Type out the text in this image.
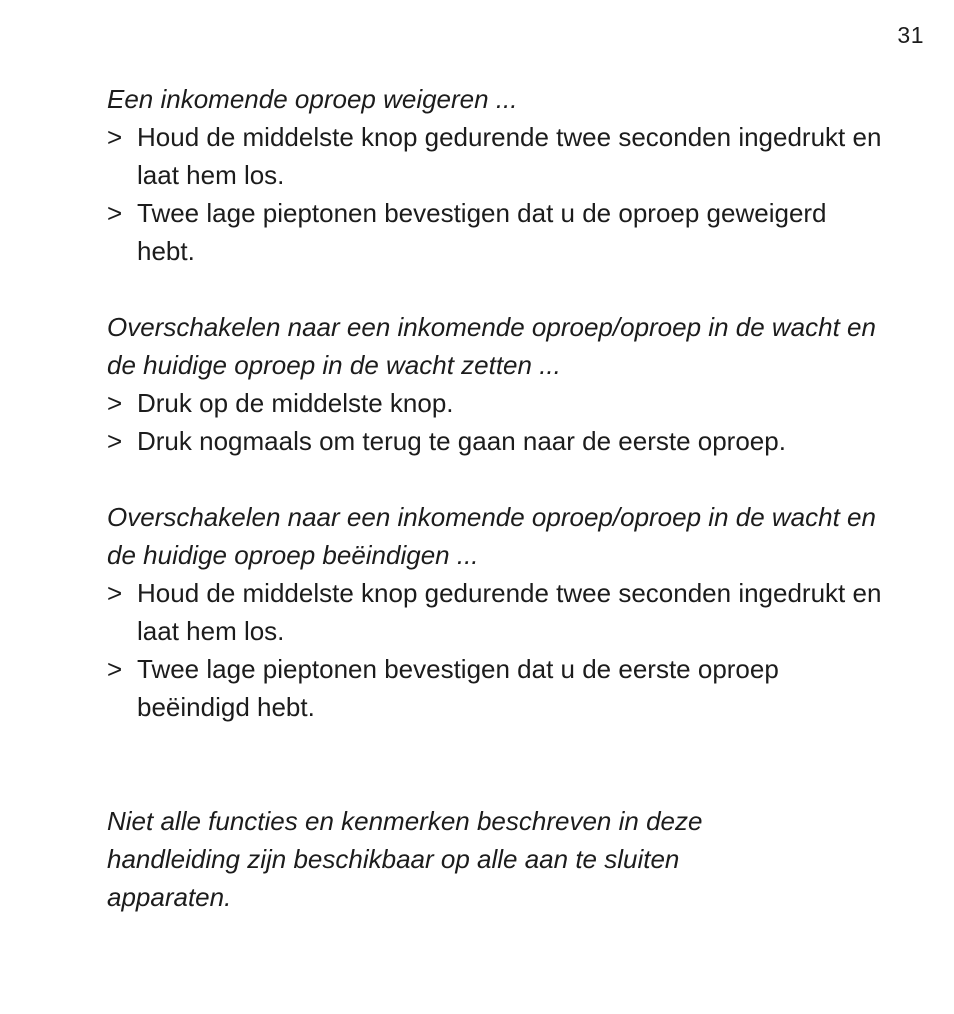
31

Een inkomende oproep weigeren ...

> Houd de middelste knop gedurende twee seconden ingedrukt en laat hem los.
> Twee lage pieptonen bevestigen dat u de oproep geweigerd hebt.

Overschakelen naar een inkomende oproep/oproep in de wacht en de huidige oproep in de wacht zetten ...

> Druk op de middelste knop.
> Druk nogmaals om terug te gaan naar de eerste oproep.

Overschakelen naar een inkomende oproep/oproep in de wacht en de huidige oproep beëindigen ...

> Houd de middelste knop gedurende twee seconden ingedrukt en laat hem los.
> Twee lage pieptonen bevestigen dat u de eerste oproep beëindigd hebt.

Niet alle functies en kenmerken beschreven in deze handleiding zijn beschikbaar op alle aan te sluiten apparaten.
